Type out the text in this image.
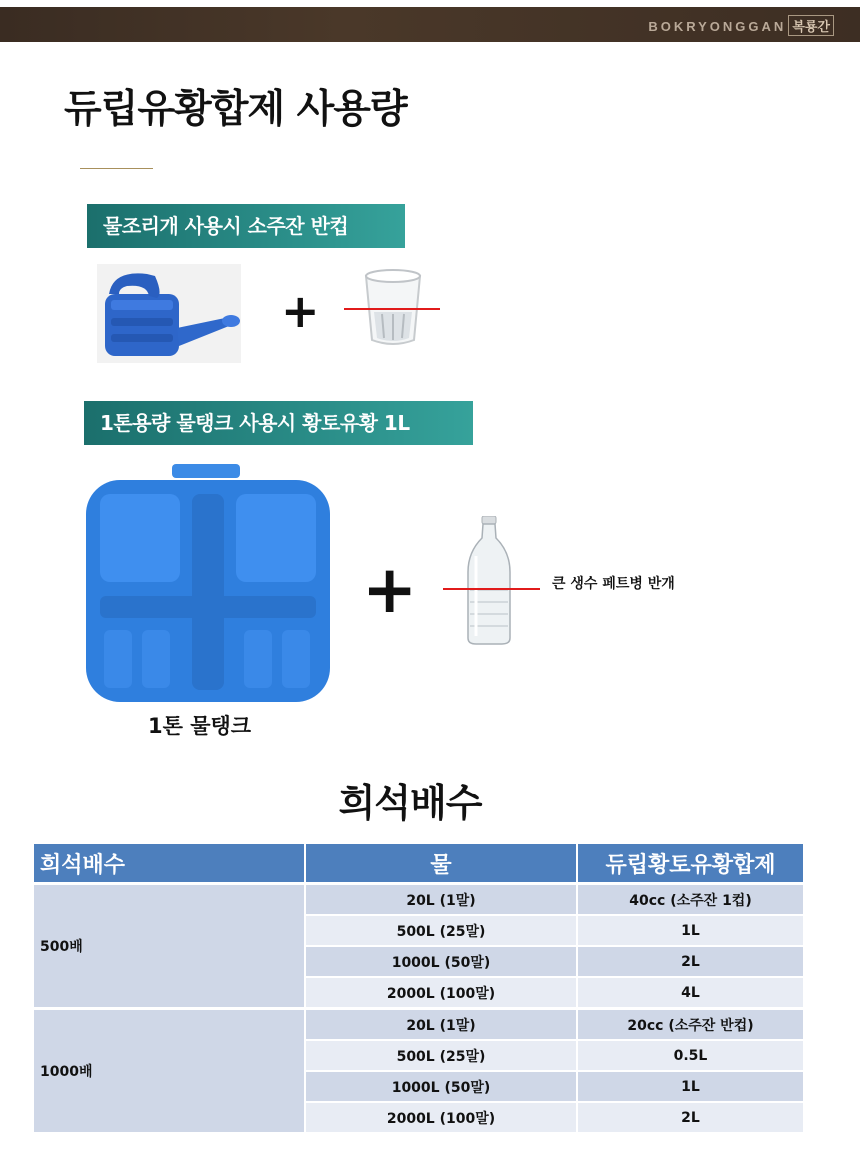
BOKRYONGGAN 복룡간
듀립유황합제 사용량
물조리개 사용시 소주잔 반컵
+
1톤용량 물탱크 사용시 황토유황 1L
+	큰 생수 페트병 반개
1톤 물탱크
희석배수
희석배수	물	듀립황토유황합제
500배	20L (1말)	40cc (소주잔 1컵)
	500L (25말)	1L
	1000L (50말)	2L
	2000L (100말)	4L
1000배	20L (1말)	20cc (소주잔 반컵)
	500L (25말)	0.5L
	1000L (50말)	1L
	2000L (100말)	2L
